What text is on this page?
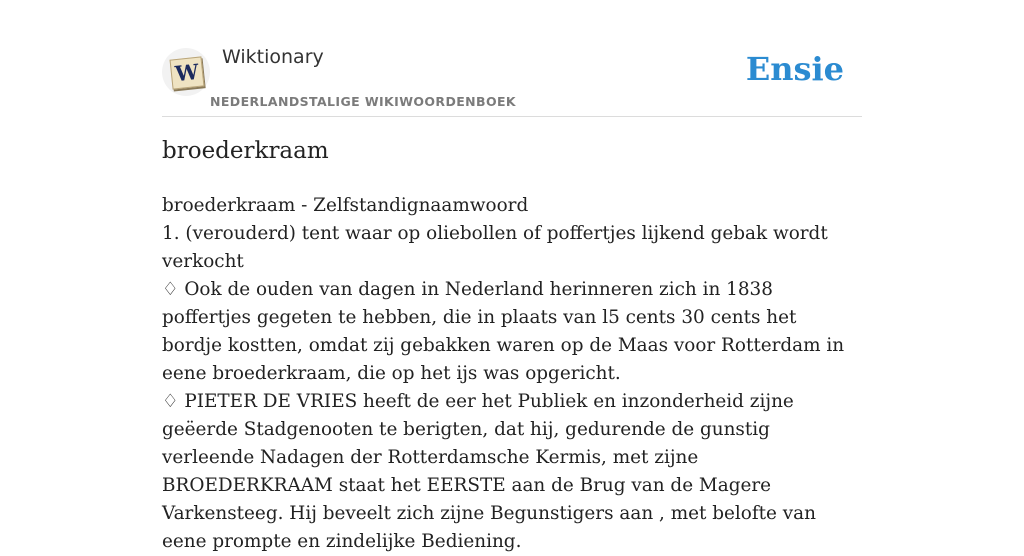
W
Wiktionary
NEDERLANDSTALIGE WIKIWOORDENBOEK
Ensie
broederkraam

broederkraam - Zelfstandignaamwoord

1. (verouderd) tent waar op oliebollen of poffertjes lijkend gebak wordt verkocht

♢ Ook de ouden van dagen in Nederland herinneren zich in 1838 poffertjes gegeten te hebben, die in plaats van l5 cents 30 cents het bordje kostten, omdat zij gebakken waren op de Maas voor Rotterdam in eene broederkraam, die op het ijs was opgericht.

♢ PIETER DE VRIES heeft de eer het Publiek en inzonderheid zijne geëerde Stadgenooten te berigten, dat hij, gedurende de gunstig verleende Nadagen der Rotterdamsche Kermis, met zijne BROEDERKRAAM staat het EERSTE aan de Brug van de Magere Varkensteeg. Hij beveelt zich zijne Begunstigers aan , met belofte van eene prompte en zindelijke Bediening.
